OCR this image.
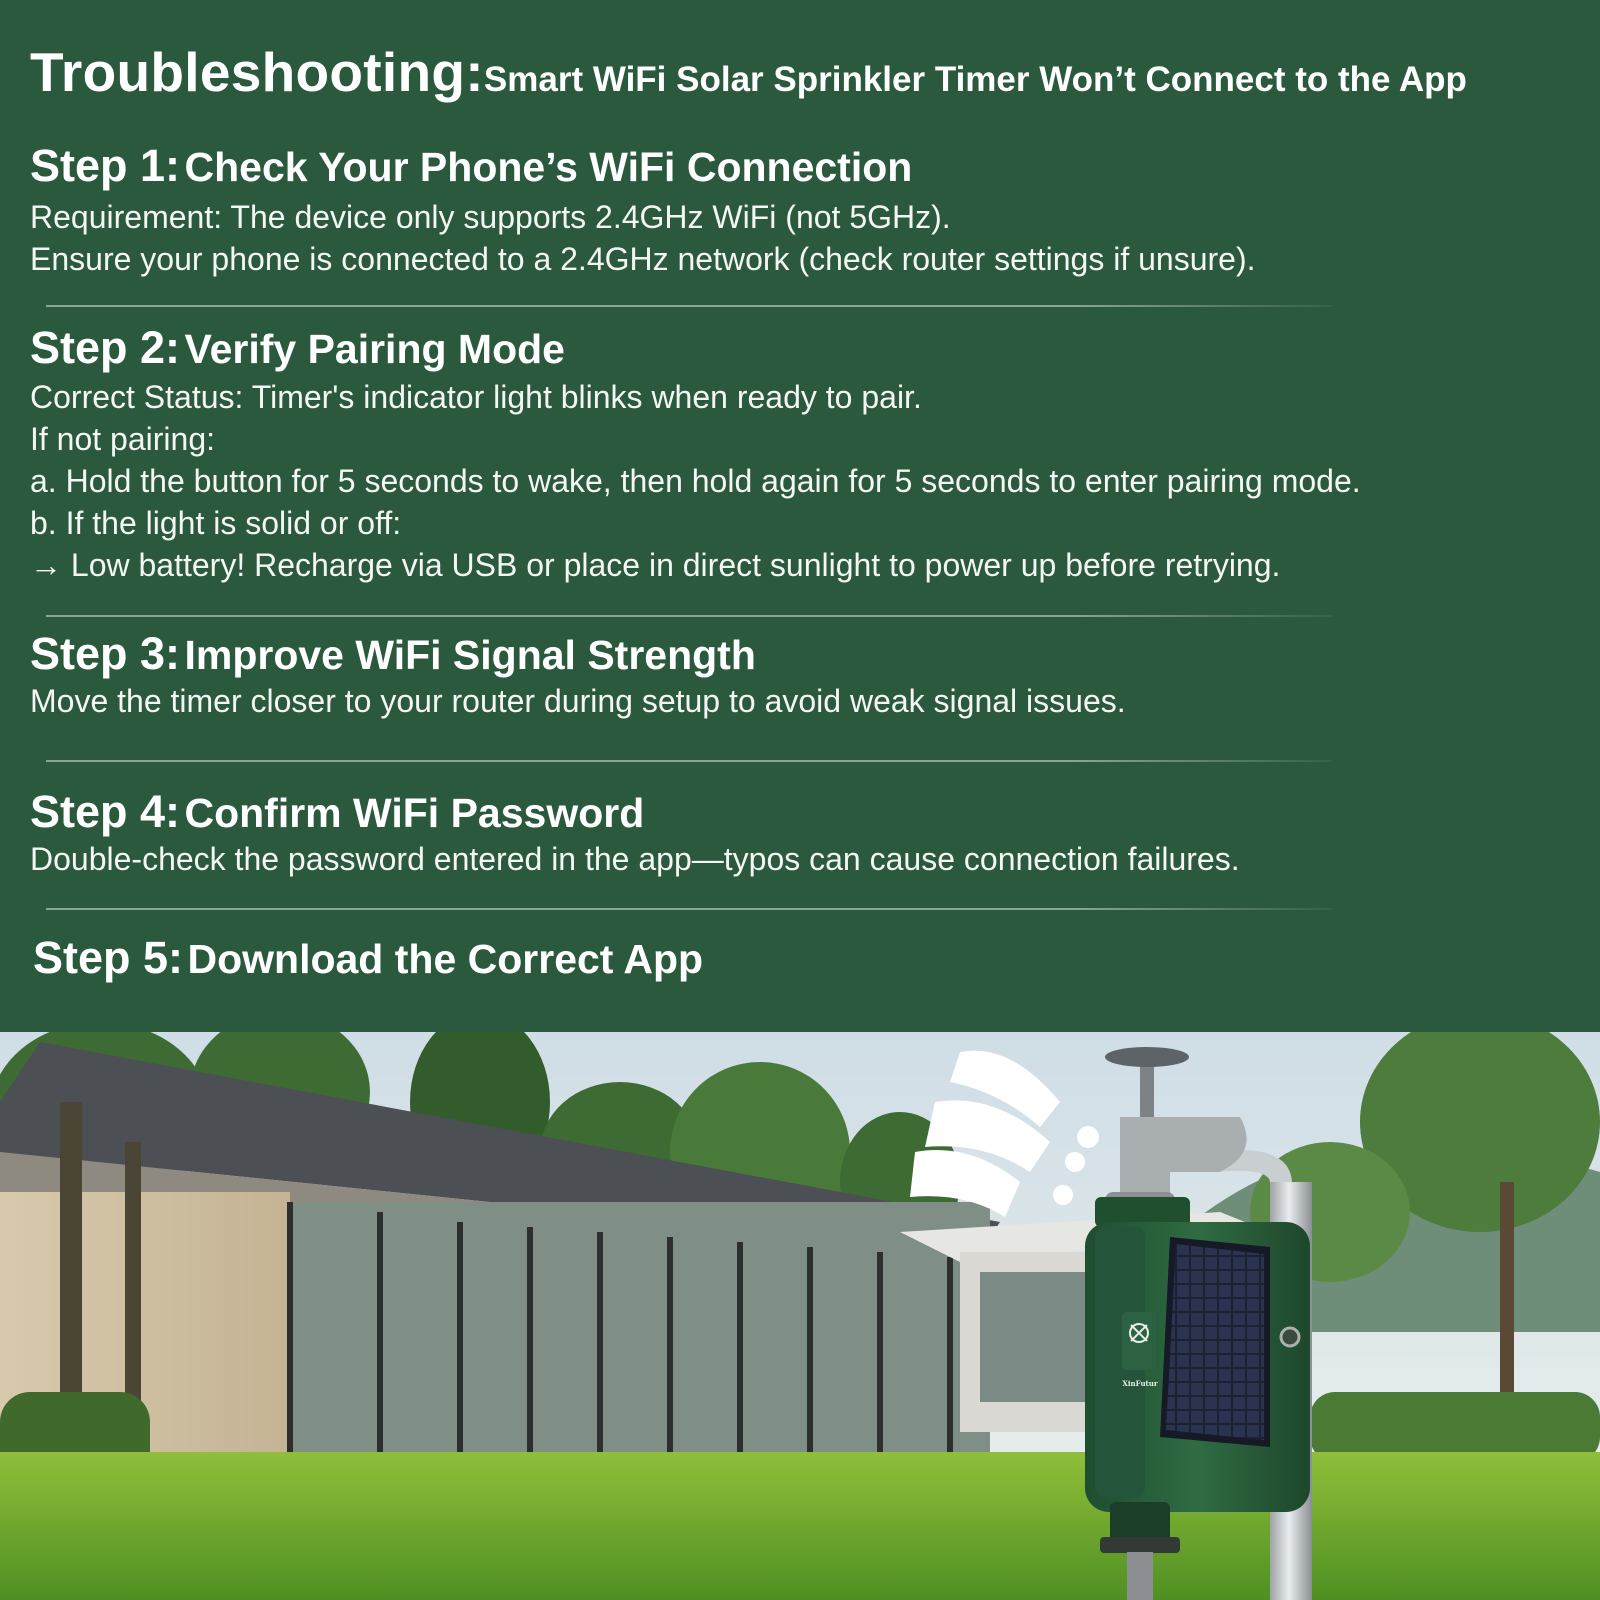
Troubleshooting:Smart WiFi Solar Sprinkler Timer Won’t Connect to the App
Step 1: Check Your Phone’s WiFi Connection
Requirement: The device only supports 2.4GHz WiFi (not 5GHz).
Ensure your phone is connected to a 2.4GHz network (check router settings if unsure).
Step 2: Verify Pairing Mode
Correct Status: Timer's indicator light blinks when ready to pair.
If not pairing:
a. Hold the button for 5 seconds to wake, then hold again for 5 seconds to enter pairing mode.
b. If the light is solid or off:
→ Low battery! Recharge via USB or place in direct sunlight to power up before retrying.
Step 3: Improve WiFi Signal Strength
Move the timer closer to your router during setup to avoid weak signal issues.
Step 4: Confirm WiFi Password
Double-check the password entered in the app—typos can cause connection failures.
Step 5: Download the Correct App
XinFutur
